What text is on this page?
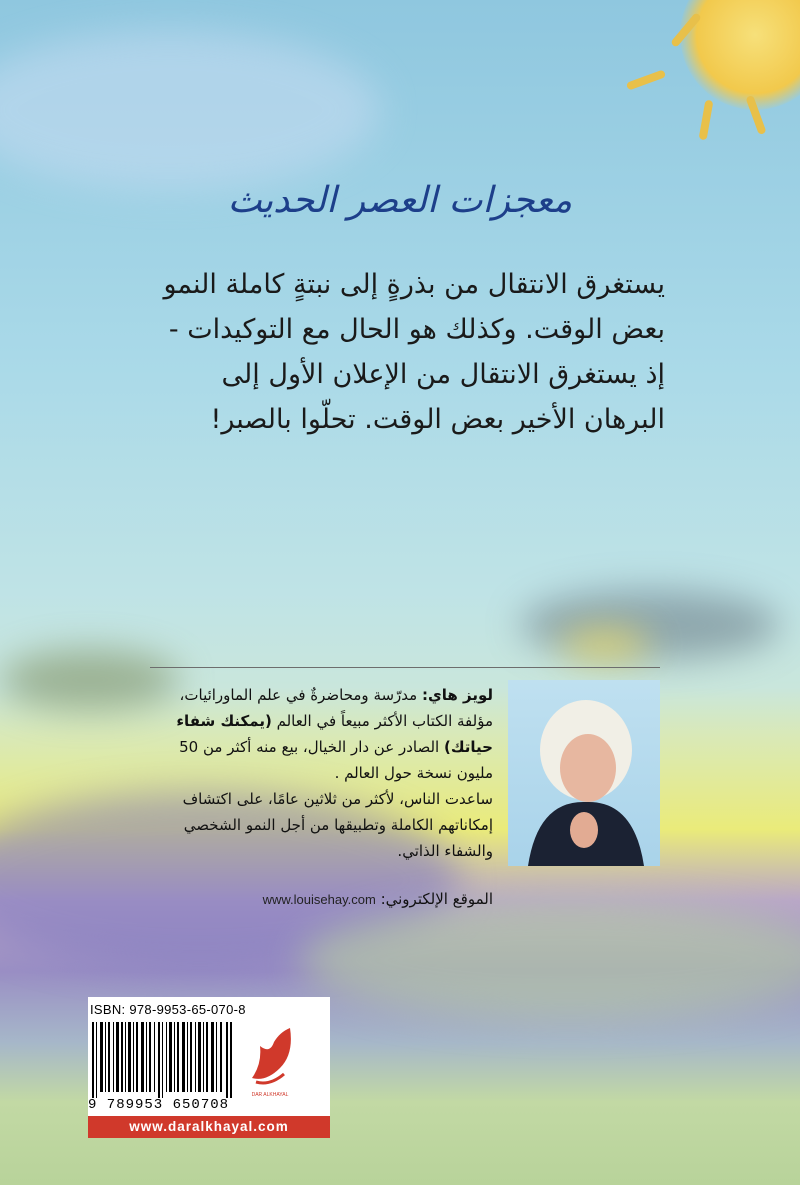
معجزات العصر الحديث
يستغرق الانتقال من بذرةٍ إلى نبتةٍ كاملة النمو بعض الوقت. وكذلك هو الحال مع التوكيدات - إذ يستغرق الانتقال من الإعلان الأول إلى البرهان الأخير بعض الوقت. تحلّوا بالصبر!
لويز هاي: مدرّسة ومحاضرةٌ في علم الماورائيات، مؤلفة الكتاب الأكثر مبيعاً في العالم (يمكنك شفاء حياتك) الصادر عن دار الخيال، بيع منه أكثر من 50 مليون نسخة حول العالم .
ساعدت الناس، لأكثر من ثلاثين عامًا، على اكتشاف إمكاناتهم الكاملة وتطبيقها من أجل النمو الشخصي والشفاء الذاتي.
الموقع الإلكتروني: www.louisehay.com
ISBN: 978-9953-65-070-8
9 789953 650708
DAR ALKHAYAL
www.daralkhayal.com
